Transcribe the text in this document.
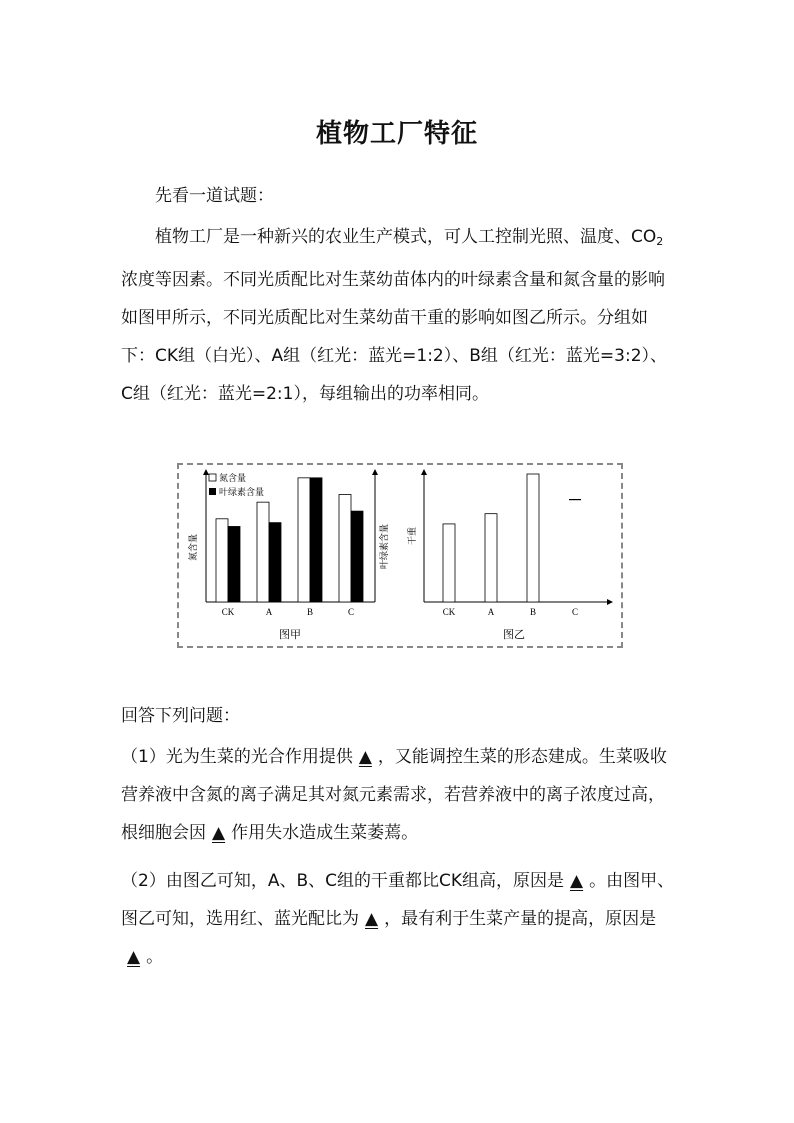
植物工厂特征
先看一道试题：
植物工厂是一种新兴的农业生产模式，可人工控制光照、温度、$CO_2$浓度等因素。不同光质配比对生菜幼苗体内的叶绿素含量和氮含量的影响如图甲所示，不同光质配比对生菜幼苗干重的影响如图乙所示。分组如下：CK组（白光）、A组（红光：蓝光=1:2）、B组（红光：蓝光=3:2）、C组（红光：蓝光=2:1），每组输出的功率相同。
氮含量
叶绿素含量
氮含量	叶绿素含量
CK	A	B	C
图甲
干重
CK	A	B	C
图乙
回答下列问题：
（1）光为生菜的光合作用提供 ▲ ，又能调控生菜的形态建成。生菜吸收营养液中含氮的离子满足其对氮元素需求，若营养液中的离子浓度过高，根细胞会因 ▲ 作用失水造成生菜萎蔫。
（2）由图乙可知，A、B、C组的干重都比CK组高，原因是 ▲ 。由图甲、图乙可知，选用红、蓝光配比为 ▲ ，最有利于生菜产量的提高，原因是▲ 。
